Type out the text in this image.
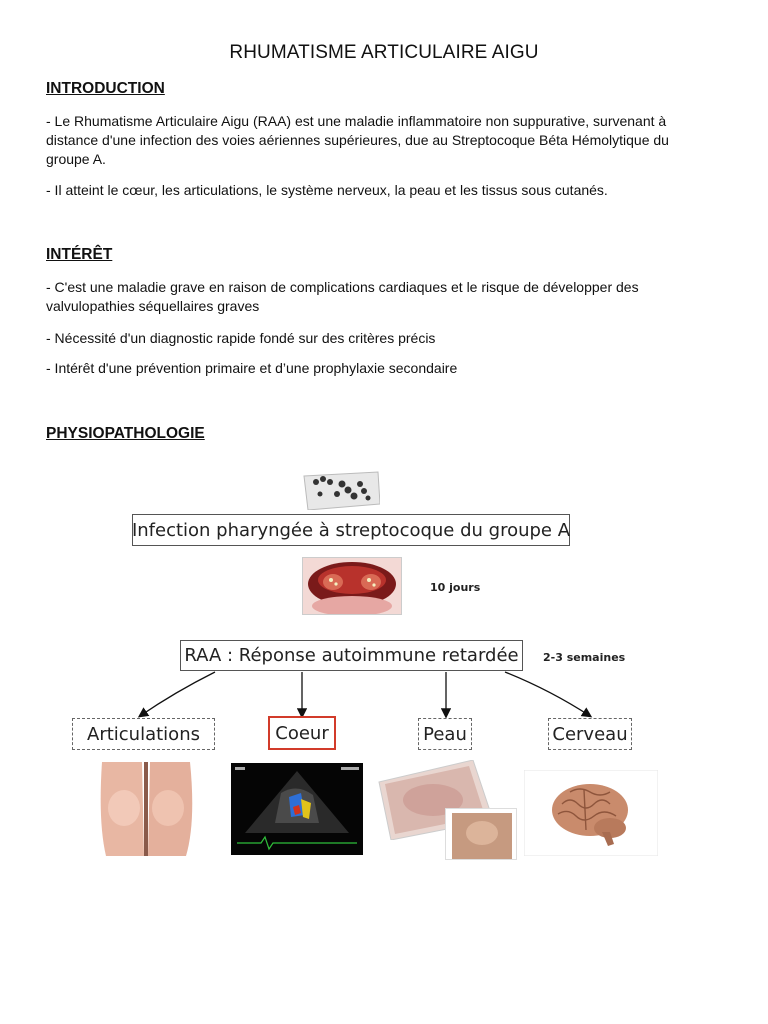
RHUMATISME ARTICULAIRE AIGU
INTRODUCTION
- Le Rhumatisme Articulaire Aigu (RAA) est une maladie inflammatoire non suppurative, survenant à distance d'une infection des voies aériennes supérieures, due au Streptocoque Béta Hémolytique du groupe A.
- Il atteint le cœur, les articulations, le système nerveux, la peau et les tissus sous cutanés.
INTÉRÊT
- C'est une maladie grave en raison de complications cardiaques et le risque de développer des valvulopathies séquellaires graves
- Nécessité d'un diagnostic rapide fondé sur des critères précis
- Intérêt d'une prévention primaire et d’une prophylaxie secondaire
PHYSIOPATHOLOGIE
Infection pharyngée à streptocoque du groupe A
10 jours
RAA : Réponse autoimmune retardée	2-3 semaines
Articulations	Coeur	Peau	Cerveau
